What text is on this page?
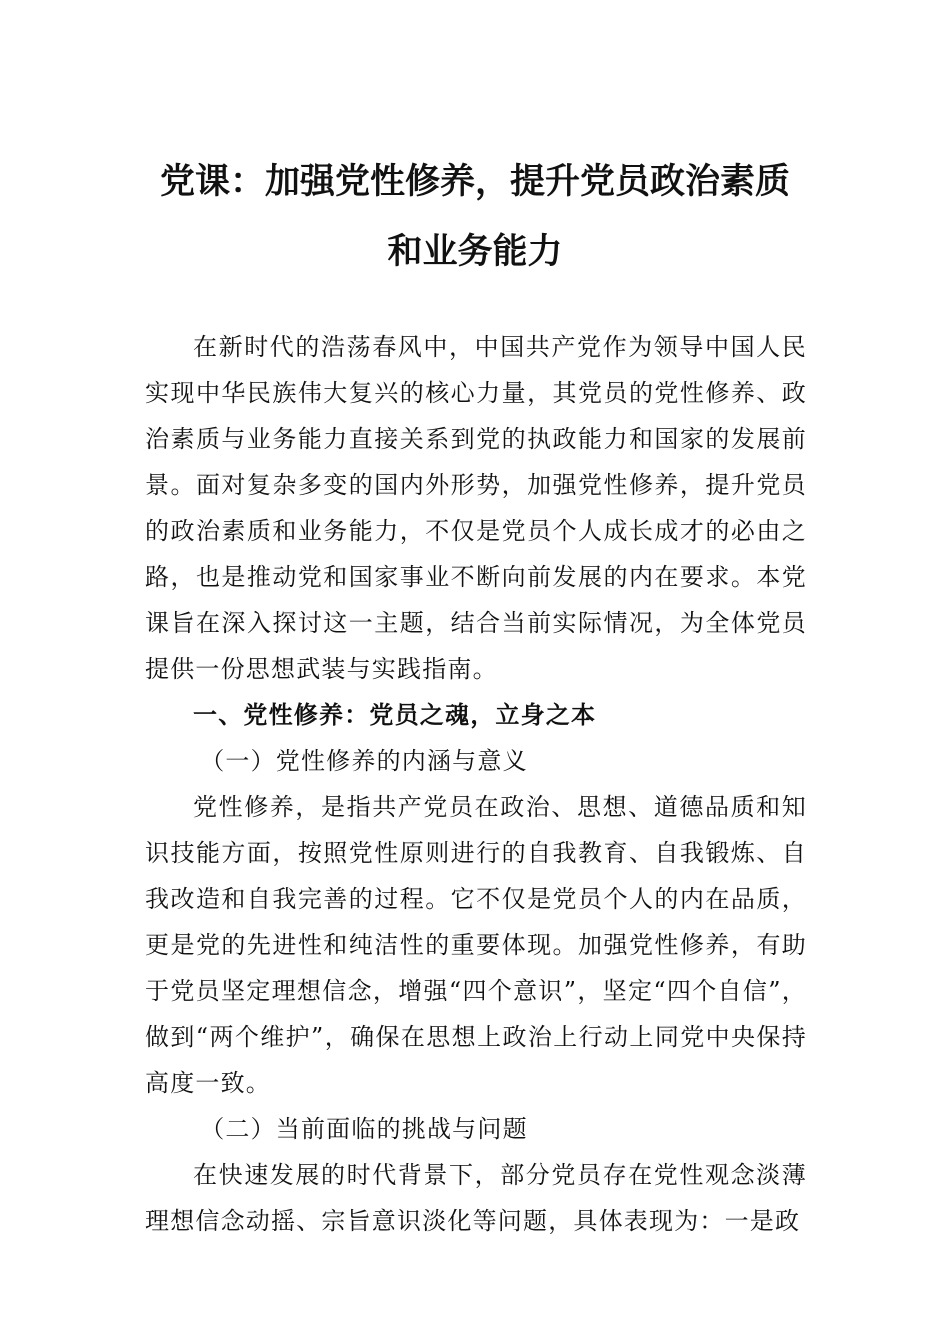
党课：加强党性修养，提升党员政治素质
和业务能力

在新时代的浩荡春风中，中国共产党作为领导中国人民实现中华民族伟大复兴的核心力量，其党员的党性修养、政治素质与业务能力直接关系到党的执政能力和国家的发展前景。面对复杂多变的国内外形势，加强党性修养，提升党员的政治素质和业务能力，不仅是党员个人成长成才的必由之路，也是推动党和国家事业不断向前发展的内在要求。本党课旨在深入探讨这一主题，结合当前实际情况，为全体党员提供一份思想武装与实践指南。

一、党性修养：党员之魂，立身之本

（一）党性修养的内涵与意义

党性修养，是指共产党员在政治、思想、道德品质和知识技能方面，按照党性原则进行的自我教育、自我锻炼、自我改造和自我完善的过程。它不仅是党员个人的内在品质，更是党的先进性和纯洁性的重要体现。加强党性修养，有助于党员坚定理想信念，增强“四个意识”，坚定“四个自信”，做到“两个维护”，确保在思想上政治上行动上同党中央保持高度一致。

（二）当前面临的挑战与问题

在快速发展的时代背景下，部分党员存在党性观念淡薄理想信念动摇、宗旨意识淡化等问题，具体表现为：一是政
